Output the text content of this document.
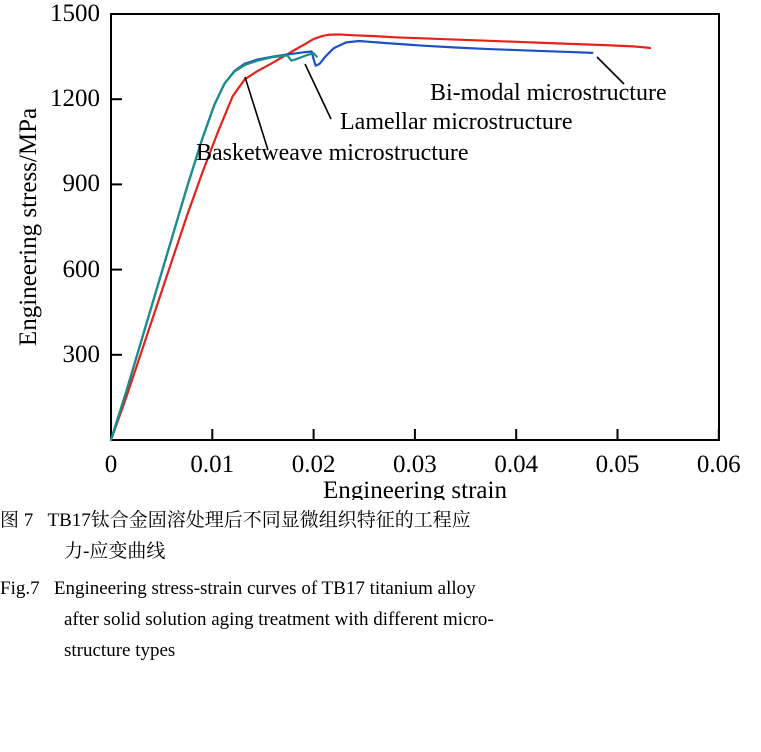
1500
1200
900
600
300
0	0.01 0.02 0.03 0.04 0.05 0.06
Engineering strain
Engineering stress/MPa
Bi-modal microstructure
Lamellar microstructure
Basketweave microstructure
图 7 TB17钛合金固溶处理后不同显微组织特征的工程应
力-应变曲线
Fig.7 Engineering stress-strain curves of TB17 titanium alloy
after solid solution aging treatment with different micro-
structure types
